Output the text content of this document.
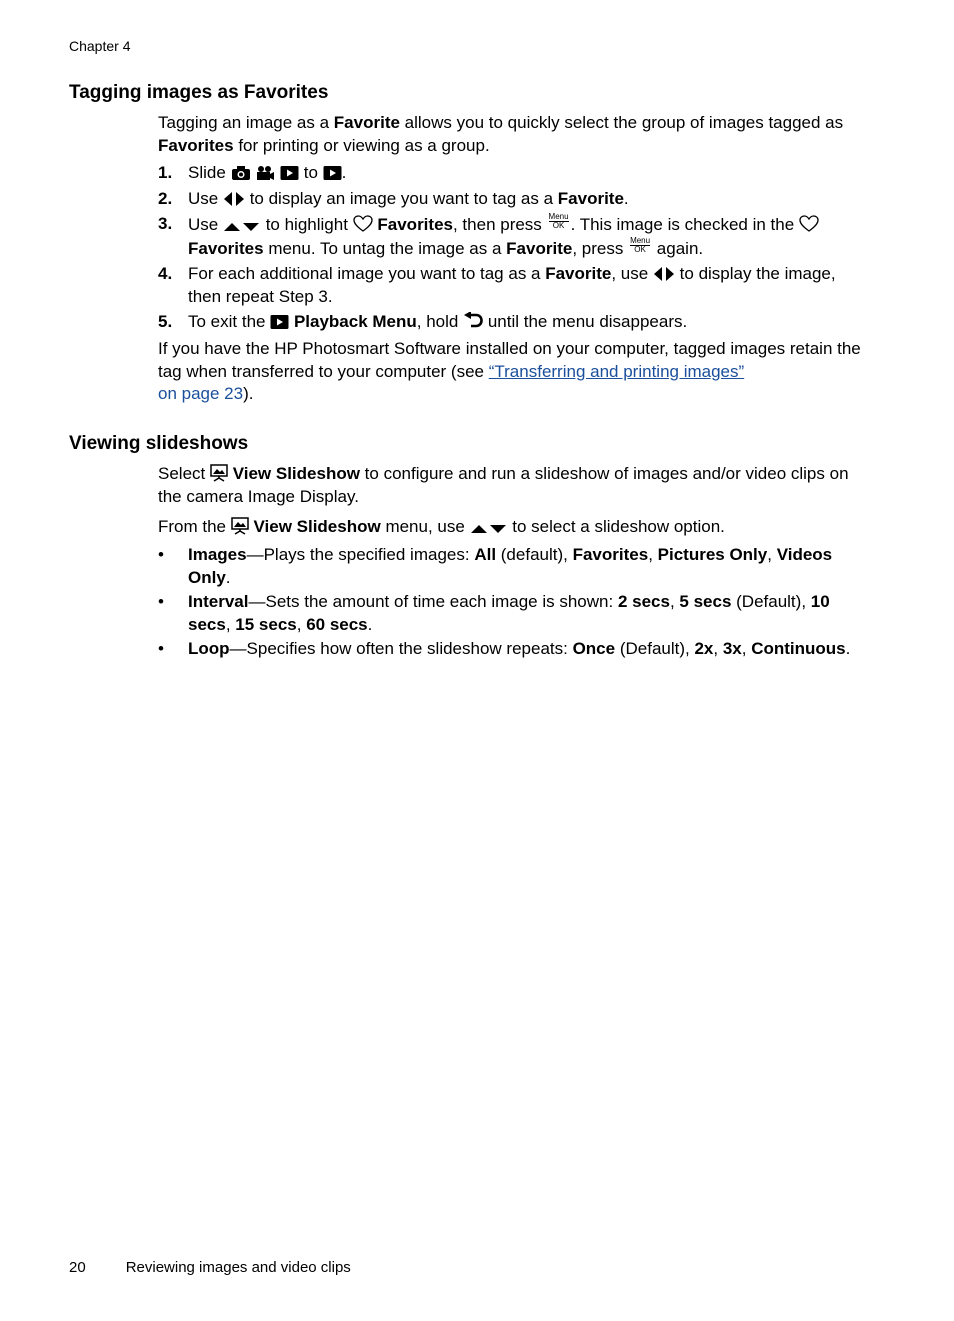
Chapter 4
Tagging images as Favorites

Tagging an image as a Favorite allows you to quickly select the group of images tagged as Favorites for printing or viewing as a group.

1. Slide	to .
2. Use  to display an image you want to tag as a Favorite.
3. Use  to highlight  Favorites, then press Menu
OK . This image is checked in the  Favorites menu. To untag the image as a Favorite, press Menu
OK again.
4. For each additional image you want to tag as a Favorite, use  to display the image, then repeat Step 3.
5. To exit the  Playback Menu, hold  until the menu disappears.

If you have the HP Photosmart Software installed on your computer, tagged images retain the tag when transferred to your computer (see “Transferring and printing images”
on page 23).

Viewing slideshows

Select  View Slideshow to configure and run a slideshow of images and/or video clips on the camera Image Display.

From the  View Slideshow menu, use  to select a slideshow option.

•	Images—Plays the specified images: All (default), Favorites, Pictures Only, Videos Only.
•	Interval—Sets the amount of time each image is shown: 2 secs, 5 secs (Default), 10 secs, 15 secs, 60 secs.
•	Loop—Specifies how often the slideshow repeats: Once (Default), 2x, 3x, Continuous.
20	Reviewing images and video clips
